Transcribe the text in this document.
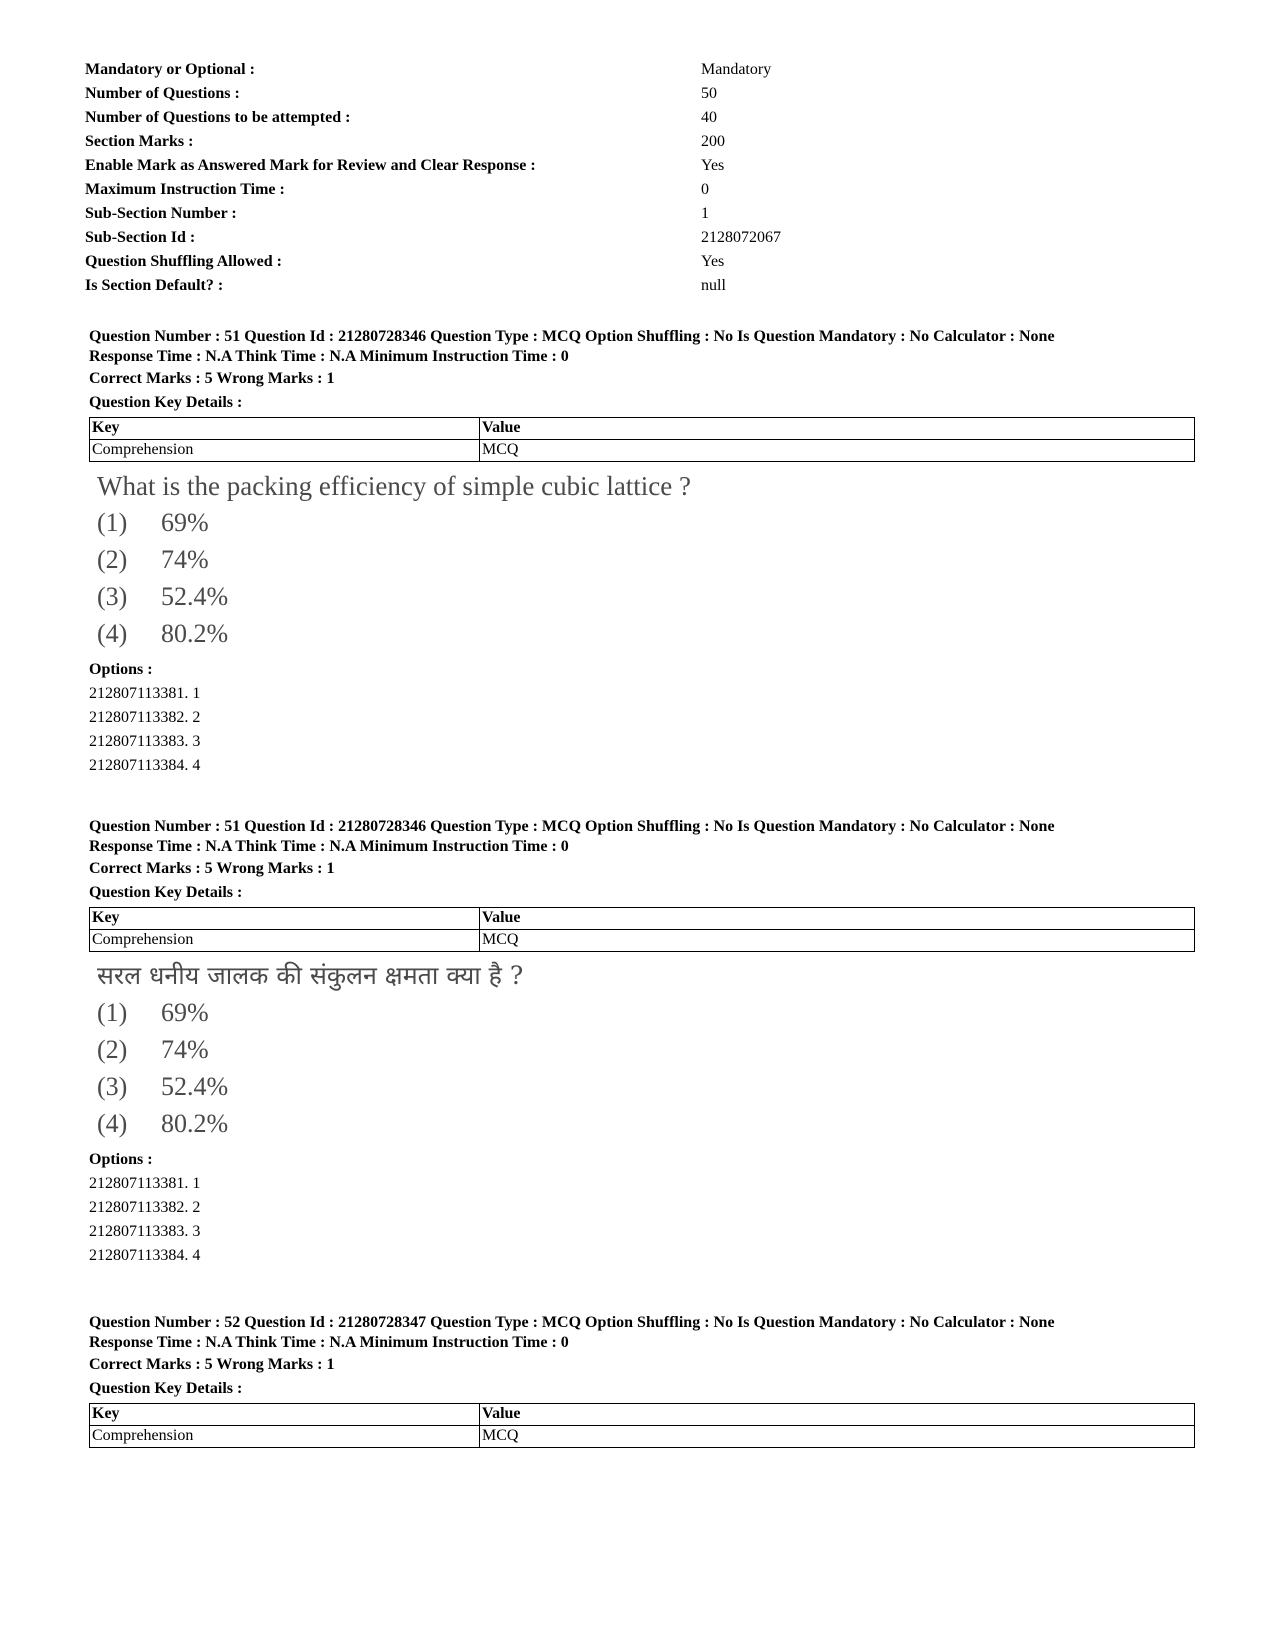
Mandatory or Optional :	Mandatory
Number of Questions :	50
Number of Questions to be attempted :	40
Section Marks :	200
Enable Mark as Answered Mark for Review and Clear Response :	Yes
Maximum Instruction Time :	0
Sub-Section Number :	1
Sub-Section Id :	2128072067
Question Shuffling Allowed :	Yes
Is Section Default? :	null
Question Number : 51 Question Id : 21280728346 Question Type : MCQ Option Shuffling : No Is Question Mandatory : No Calculator : None
Response Time : N.A Think Time : N.A Minimum Instruction Time : 0
Correct Marks : 5 Wrong Marks : 1
Question Key Details :
Key	Value
Comprehension	MCQ
What is the packing efficiency of simple cubic lattice ?
(1) 69%
(2) 74%
(3) 52.4%
(4) 80.2%
Options :
212807113381. 1
212807113382. 2
212807113383. 3
212807113384. 4
Question Number : 51 Question Id : 21280728346 Question Type : MCQ Option Shuffling : No Is Question Mandatory : No Calculator : None
Response Time : N.A Think Time : N.A Minimum Instruction Time : 0
Correct Marks : 5 Wrong Marks : 1
Question Key Details :
Key	Value
Comprehension	MCQ
सरल धनीय जालक की संकुलन क्षमता क्या है ?
(1) 69%
(2) 74%
(3) 52.4%
(4) 80.2%
Options :
212807113381. 1
212807113382. 2
212807113383. 3
212807113384. 4
Question Number : 52 Question Id : 21280728347 Question Type : MCQ Option Shuffling : No Is Question Mandatory : No Calculator : None
Response Time : N.A Think Time : N.A Minimum Instruction Time : 0
Correct Marks : 5 Wrong Marks : 1
Question Key Details :
Key	Value
Comprehension	MCQ
